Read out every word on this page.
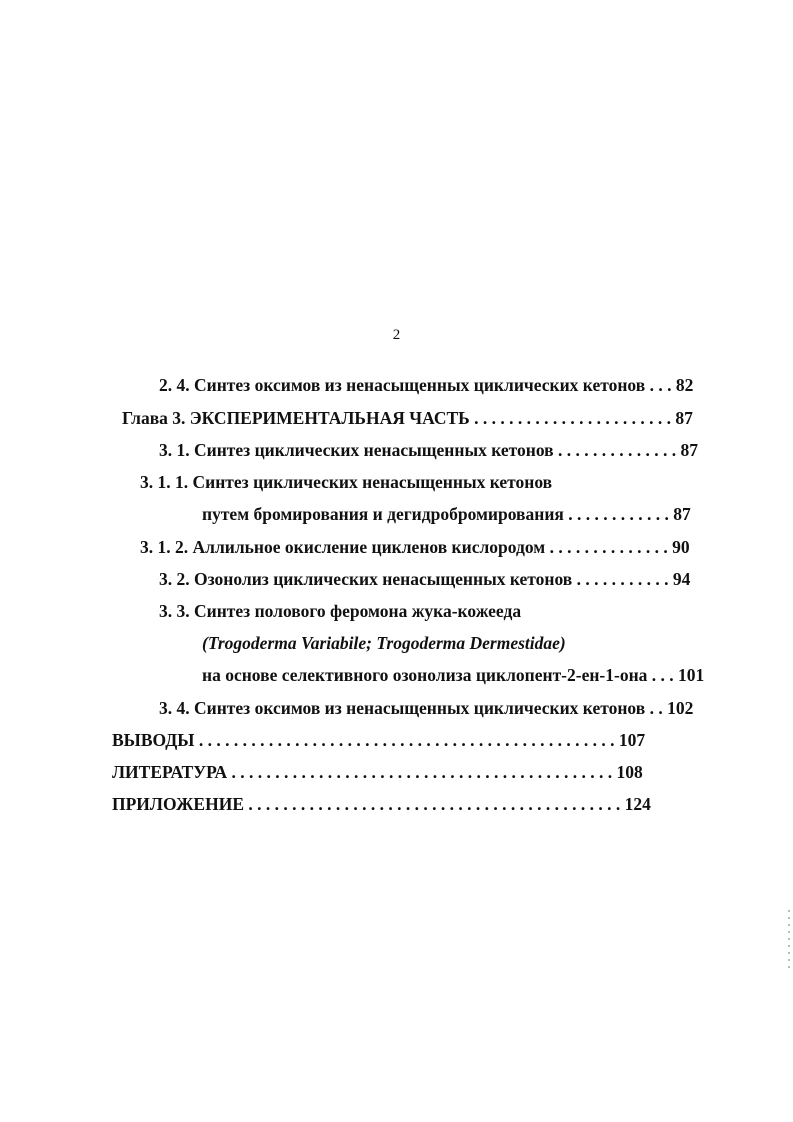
2
2. 4. Синтез оксимов из ненасыщенных циклических кетонов . . . 82
Глава 3. ЭКСПЕРИМЕНТАЛЬНАЯ ЧАСТЬ . . . . . . . . . . . . . . . . . . . . . . . 87
3. 1. Синтез циклических ненасыщенных кетонов . . . . . . . . . . . . . . 87
3. 1. 1. Синтез циклических ненасыщенных кетонов
путем бромирования и дегидробромирования . . . . . . . . . . . . 87
3. 1. 2. Аллильное окисление цикленов кислородом . . . . . . . . . . . . . . 90
3. 2. Озонолиз циклических ненасыщенных кетонов . . . . . . . . . . . 94
3. 3. Синтез полового феромона жука-кожееда
(Trogoderma Variabile; Trogoderma Dermestidae)
на основе селективного озонолиза циклопент-2-ен-1-она . . . 101
3. 4. Синтез оксимов из ненасыщенных циклических кетонов . . 102
ВЫВОДЫ . . . . . . . . . . . . . . . . . . . . . . . . . . . . . . . . . . . . . . . . . . . . . . . . 107
ЛИТЕРАТУРА . . . . . . . . . . . . . . . . . . . . . . . . . . . . . . . . . . . . . . . . . . . . 108
ПРИЛОЖЕНИЕ . . . . . . . . . . . . . . . . . . . . . . . . . . . . . . . . . . . . . . . . . . . 124
